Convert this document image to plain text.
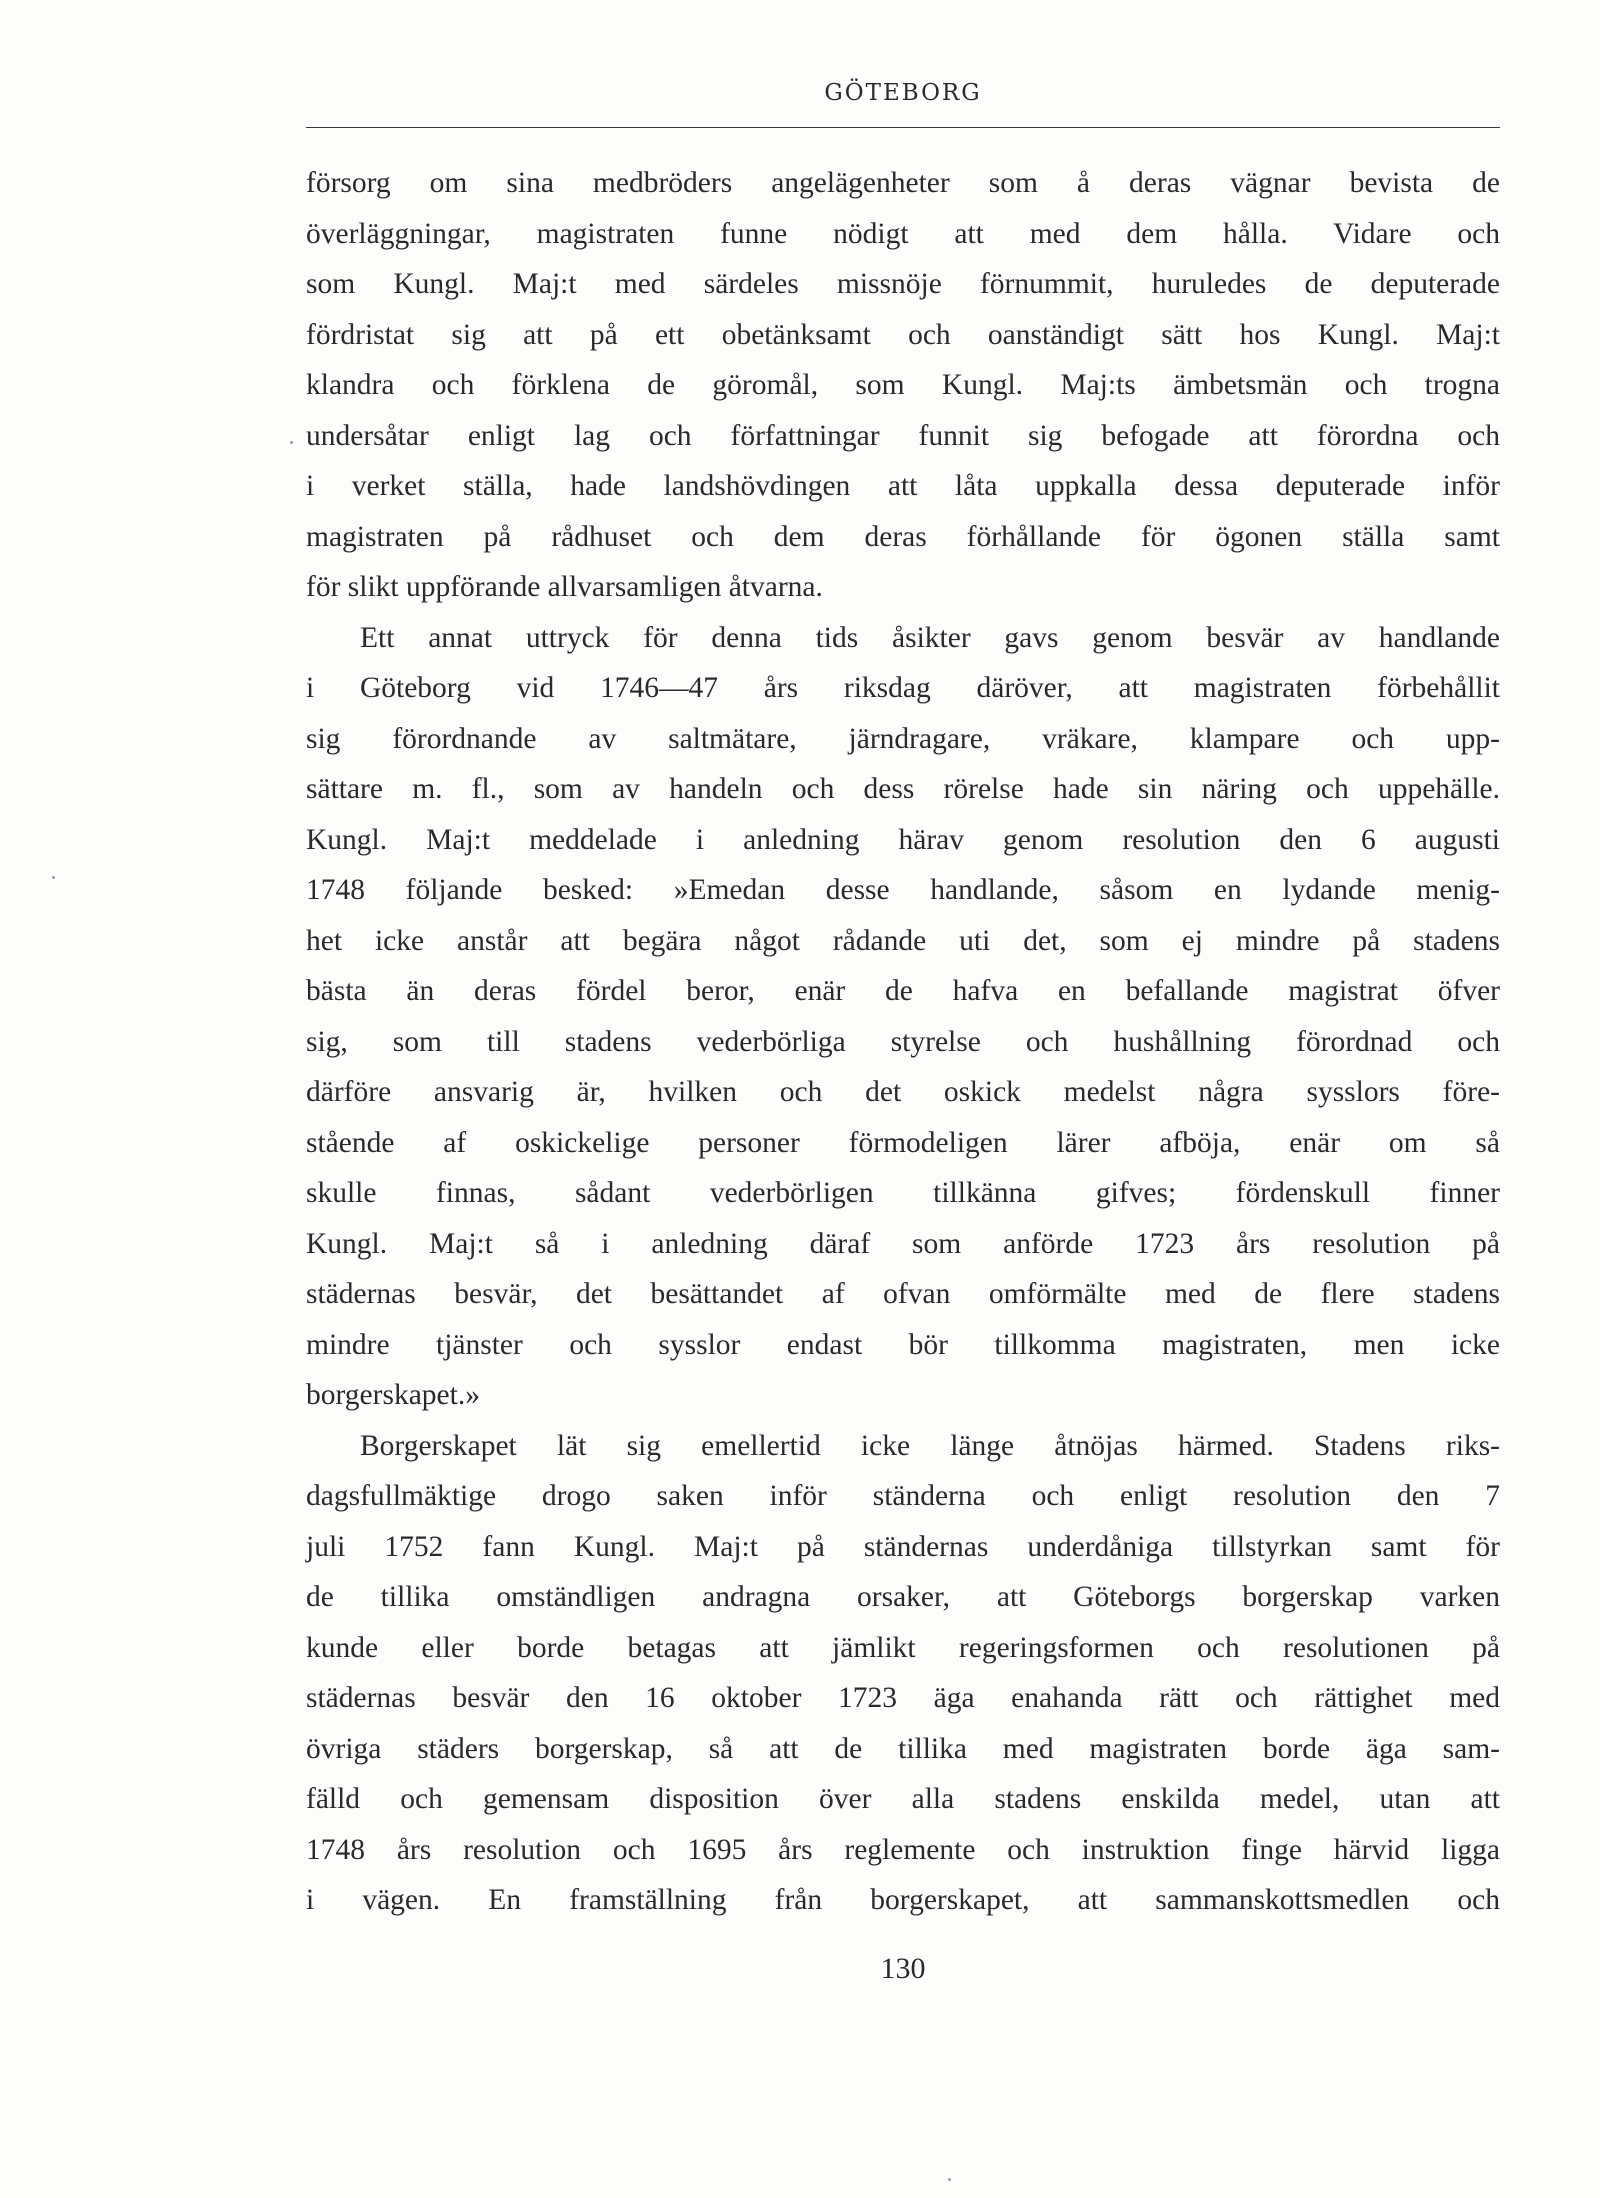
GÖTEBORG

försorg om sina medbröders angelägenheter som å deras vägnar bevista de
överläggningar, magistraten funne nödigt att med dem hålla. Vidare och
som Kungl. Maj:t med särdeles missnöje förnummit, huruledes de deputerade
fördristat sig att på ett obetänksamt och oanständigt sätt hos Kungl. Maj:t
klandra och förklena de göromål, som Kungl. Maj:ts ämbetsmän och trogna
undersåtar enligt lag och författningar funnit sig befogade att förordna och
i verket ställa, hade landshövdingen att låta uppkalla dessa deputerade inför
magistraten på rådhuset och dem deras förhållande för ögonen ställa samt
för slikt uppförande allvarsamligen åtvarna.

Ett annat uttryck för denna tids åsikter gavs genom besvär av handlande
i Göteborg vid 1746—47 års riksdag däröver, att magistraten förbehållit
sig förordnande av saltmätare, järndragare, vräkare, klampare och upp-
sättare m. fl., som av handeln och dess rörelse hade sin näring och uppehälle.
Kungl. Maj:t meddelade i anledning härav genom resolution den 6 augusti
1748 följande besked: »Emedan desse handlande, såsom en lydande menig-
het icke anstår att begära något rådande uti det, som ej mindre på stadens
bästa än deras fördel beror, enär de hafva en befallande magistrat öfver
sig, som till stadens vederbörliga styrelse och hushållning förordnad och
därföre ansvarig är, hvilken och det oskick medelst några sysslors före-
stående af oskickelige personer förmodeligen lärer afböja, enär om så
skulle finnas, sådant vederbörligen tillkänna gifves; fördenskull finner
Kungl. Maj:t så i anledning däraf som anförde 1723 års resolution på
städernas besvär, det besättandet af ofvan omförmälte med de flere stadens
mindre tjänster och sysslor endast bör tillkomma magistraten, men icke
borgerskapet.»

Borgerskapet lät sig emellertid icke länge åtnöjas härmed. Stadens riks-
dagsfullmäktige drogo saken inför ständerna och enligt resolution den 7
juli 1752 fann Kungl. Maj:t på ständernas underdåniga tillstyrkan samt för
de tillika omständligen andragna orsaker, att Göteborgs borgerskap varken
kunde eller borde betagas att jämlikt regeringsformen och resolutionen på
städernas besvär den 16 oktober 1723 äga enahanda rätt och rättighet med
övriga städers borgerskap, så att de tillika med magistraten borde äga sam-
fälld och gemensam disposition över alla stadens enskilda medel, utan att
1748 års resolution och 1695 års reglemente och instruktion finge härvid ligga
i vägen. En framställning från borgerskapet, att sammanskottsmedlen och

130
